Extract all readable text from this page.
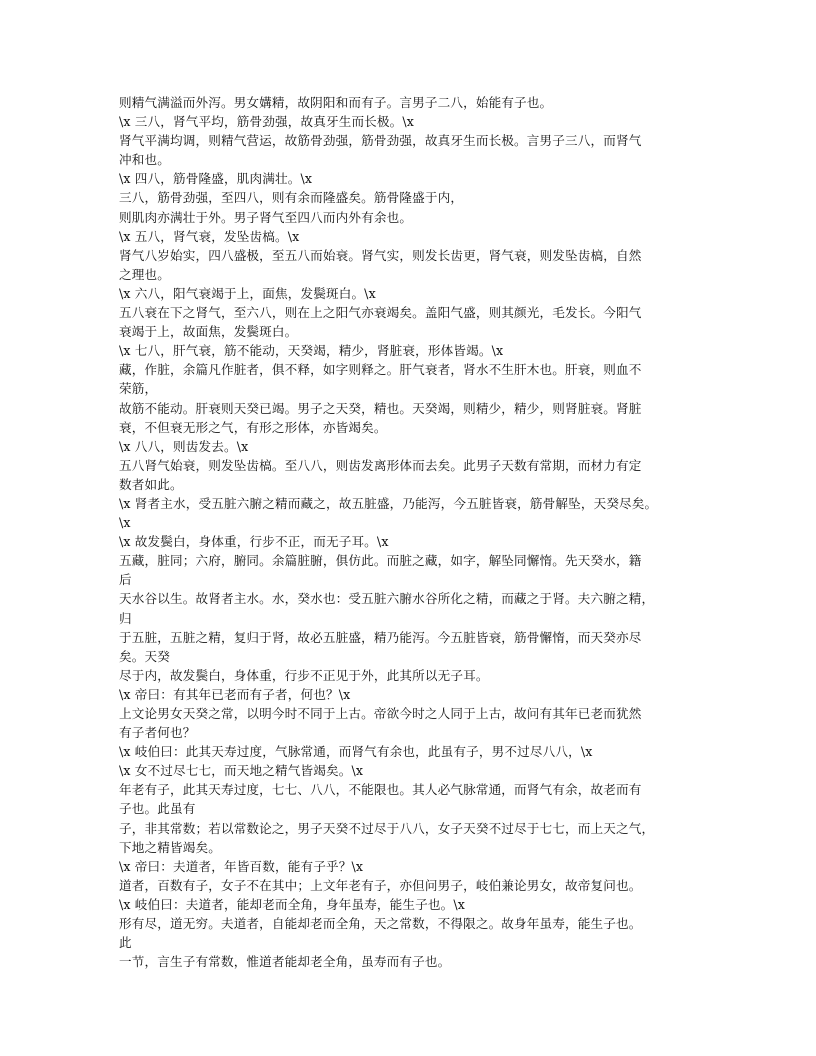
则精气满溢而外泻。男女媾精，故阴阳和而有子。言男子二八，始能有子也。
\x 三八，肾气平均，筋骨劲强，故真牙生而长极。\x
肾气平满均调，则精气营运，故筋骨劲强，筋骨劲强，故真牙生而长极。言男子三八，而肾气
冲和也。
\x 四八，筋骨隆盛，肌肉满壮。\x
三八，筋骨劲强，至四八，则有余而隆盛矣。筋骨隆盛于内，
则肌肉亦满壮于外。男子肾气至四八而内外有余也。
\x 五八，肾气衰，发坠齿槁。\x
肾气八岁始实，四八盛极，至五八而始衰。肾气实，则发长齿更，肾气衰，则发坠齿槁，自然
之理也。
\x 六八，阳气衰竭于上，面焦，发鬓斑白。\x
五八衰在下之肾气，至六八，则在上之阳气亦衰竭矣。盖阳气盛，则其颜光，毛发长。今阳气
衰竭于上，故面焦，发鬓斑白。
\x 七八，肝气衰，筋不能动，天癸竭，精少，肾脏衰，形体皆竭。\x
藏，作脏，余篇凡作脏者，俱不释，如字则释之。肝气衰者，肾水不生肝木也。肝衰，则血不
荣筋，
故筋不能动。肝衰则天癸已竭。男子之天癸，精也。天癸竭，则精少，精少，则肾脏衰。肾脏
衰，不但衰无形之气，有形之形体，亦皆竭矣。
\x 八八，则齿发去。\x
五八肾气始衰，则发坠齿槁。至八八，则齿发离形体而去矣。此男子天数有常期，而材力有定
数者如此。
\x 肾者主水，受五脏六腑之精而藏之，故五脏盛，乃能泻，今五脏皆衰，筋骨解坠，天癸尽矣。
\x
\x 故发鬓白，身体重，行步不正，而无子耳。\x
五藏，脏同；六府，腑同。余篇脏腑，俱仿此。而脏之藏，如字，解坠同懈惰。先天癸水，籍
后
天水谷以生。故肾者主水。水，癸水也：受五脏六腑水谷所化之精，而藏之于肾。夫六腑之精，
归
于五脏，五脏之精，复归于肾，故必五脏盛，精乃能泻。今五脏皆衰，筋骨懈惰，而天癸亦尽
矣。天癸
尽于内，故发鬓白，身体重，行步不正见于外，此其所以无子耳。
\x 帝曰：有其年已老而有子者，何也？\x
上文论男女天癸之常，以明今时不同于上古。帝欲今时之人同于上古，故问有其年已老而犹然
有子者何也？
\x 岐伯曰：此其天寿过度，气脉常通，而肾气有余也，此虽有子，男不过尽八八，\x
\x 女不过尽七七，而天地之精气皆竭矣。\x
年老有子，此其天寿过度，七七、八八，不能限也。其人必气脉常通，而肾气有余，故老而有
子也。此虽有
子，非其常数；若以常数论之，男子天癸不过尽于八八，女子天癸不过尽于七七，而上天之气，
下地之精皆竭矣。
\x 帝曰：夫道者，年皆百数，能有子乎？\x
道者，百数有子，女子不在其中；上文年老有子，亦但问男子，岐伯兼论男女，故帝复问也。
\x 岐伯曰：夫道者，能却老而全角，身年虽寿，能生子也。\x
形有尽，道无穷。夫道者，自能却老而全角，天之常数，不得限之。故身年虽寿，能生子也。
此
一节，言生子有常数，惟道者能却老全角，虽寿而有子也。
